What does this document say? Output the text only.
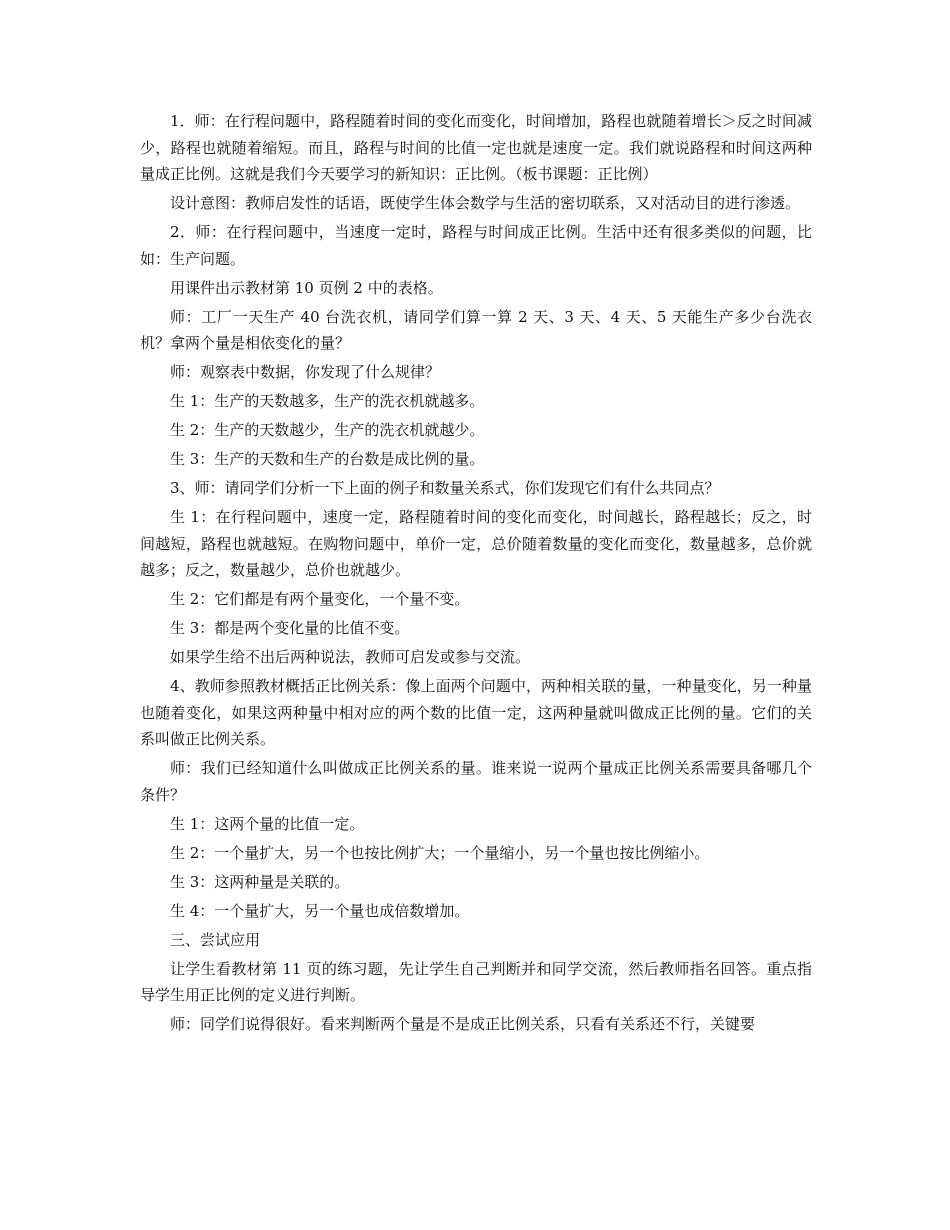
1．师：在行程问题中，路程随着时间的变化而变化，时间增加，路程也就随着增长＞反之时间减少，路程也就随着缩短。而且，路程与时间的比值一定也就是速度一定。我们就说路程和时间这两种量成正比例。这就是我们今天要学习的新知识：正比例。（板书课题：正比例）

设计意图：教师启发性的话语，既使学生体会数学与生活的密切联系，又对活动目的进行渗透。

2．师：在行程问题中，当速度一定时，路程与时间成正比例。生活中还有很多类似的问题，比如：生产问题。

用课件出示教材第 10 页例 2 中的表格。

师：工厂一天生产 40 台洗衣机，请同学们算一算 2 天、3 天、4 天、5 天能生产多少台洗衣机？拿两个量是相依变化的量？

师：观察表中数据，你发现了什么规律？

生 1：生产的天数越多，生产的洗衣机就越多。

生 2：生产的天数越少，生产的洗衣机就越少。

生 3：生产的天数和生产的台数是成比例的量。

3、师：请同学们分析一下上面的例子和数量关系式，你们发现它们有什么共同点？

生 1：在行程问题中，速度一定，路程随着时间的变化而变化，时间越长，路程越长；反之，时间越短，路程也就越短。在购物问题中，单价一定，总价随着数量的变化而变化，数量越多，总价就越多；反之，数量越少，总价也就越少。

生 2：它们都是有两个量变化，一个量不变。

生 3：都是两个变化量的比值不变。

如果学生给不出后两种说法，教师可启发或参与交流。

4、教师参照教材概括正比例关系：像上面两个问题中，两种相关联的量，一种量变化，另一种量也随着变化，如果这两种量中相对应的两个数的比值一定，这两种量就叫做成正比例的量。它们的关系叫做正比例关系。

师：我们已经知道什么叫做成正比例关系的量。谁来说一说两个量成正比例关系需要具备哪几个条件？

生 1：这两个量的比值一定。

生 2：一个量扩大，另一个也按比例扩大；一个量缩小，另一个量也按比例缩小。

生 3：这两种量是关联的。

生 4：一个量扩大，另一个量也成倍数增加。

三、尝试应用

让学生看教材第 11 页的练习题，先让学生自己判断并和同学交流，然后教师指名回答。重点指导学生用正比例的定义进行判断。

师：同学们说得很好。看来判断两个量是不是成正比例关系，只看有关系还不行，关键要
